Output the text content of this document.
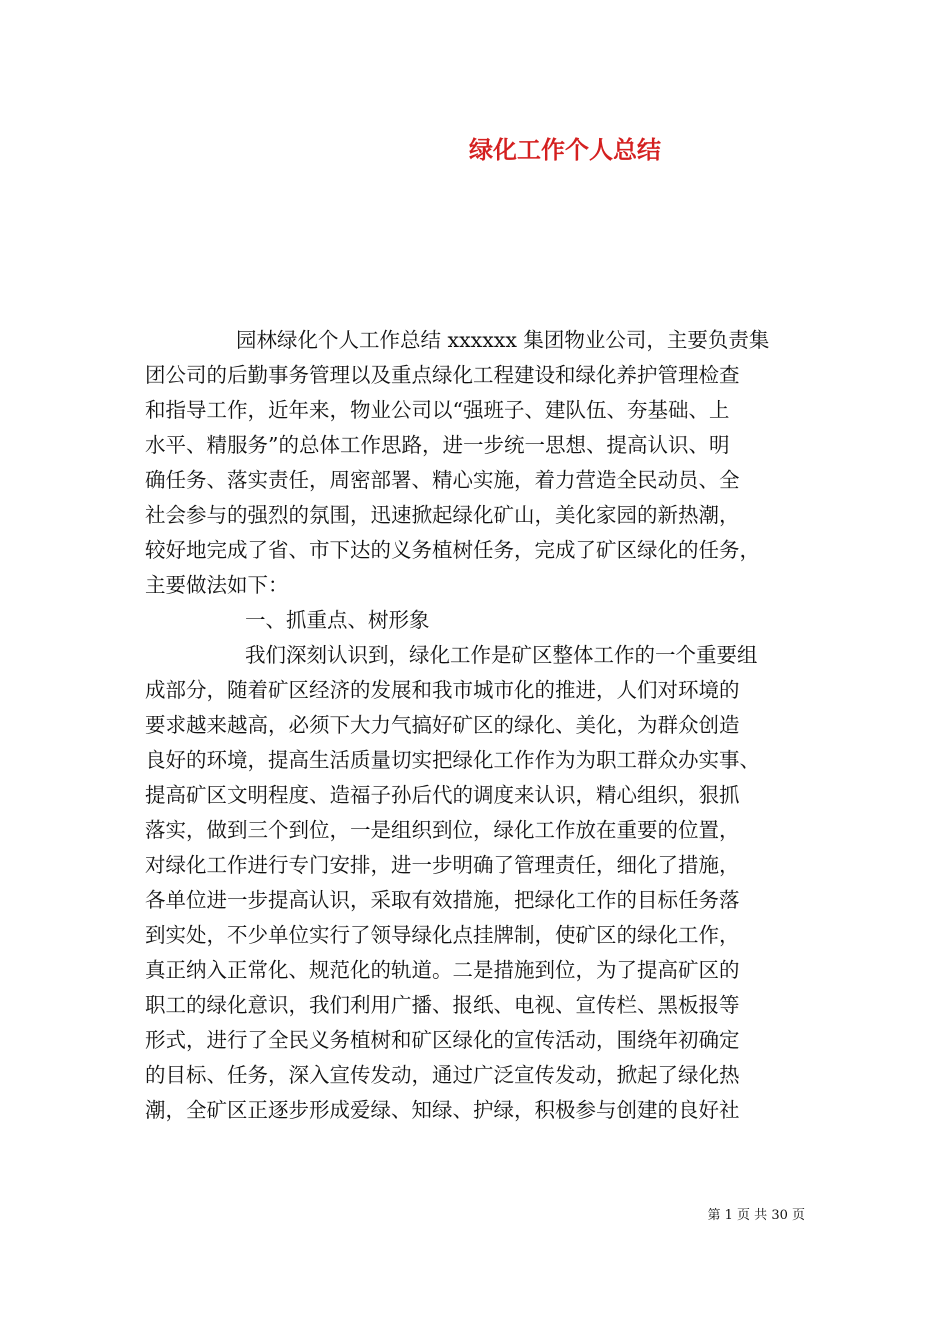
绿化工作个人总结
园林绿化个人工作总结 xxxxxx 集团物业公司，主要负责集
团公司的后勤事务管理以及重点绿化工程建设和绿化养护管理检查
和指导工作，近年来，物业公司以“强班子、建队伍、夯基础、上
水平、精服务”的总体工作思路，进一步统一思想、提高认识、明
确任务、落实责任，周密部署、精心实施，着力营造全民动员、全
社会参与的强烈的氛围，迅速掀起绿化矿山，美化家园的新热潮，
较好地完成了省、市下达的义务植树任务，完成了矿区绿化的任务，
主要做法如下：
一、抓重点、树形象
我们深刻认识到，绿化工作是矿区整体工作的一个重要组
成部分，随着矿区经济的发展和我市城市化的推进，人们对环境的
要求越来越高，必须下大力气搞好矿区的绿化、美化，为群众创造
良好的环境，提高生活质量切实把绿化工作作为为职工群众办实事、
提高矿区文明程度、造福子孙后代的调度来认识，精心组织，狠抓
落实，做到三个到位，一是组织到位，绿化工作放在重要的位置，
对绿化工作进行专门安排，进一步明确了管理责任，细化了措施，
各单位进一步提高认识，采取有效措施，把绿化工作的目标任务落
到实处，不少单位实行了领导绿化点挂牌制，使矿区的绿化工作，
真正纳入正常化、规范化的轨道。二是措施到位，为了提高矿区的
职工的绿化意识，我们利用广播、报纸、电视、宣传栏、黑板报等
形式，进行了全民义务植树和矿区绿化的宣传活动，围绕年初确定
的目标、任务，深入宣传发动，通过广泛宣传发动，掀起了绿化热
潮，全矿区正逐步形成爱绿、知绿、护绿，积极参与创建的良好社
第 1 页 共 30 页
